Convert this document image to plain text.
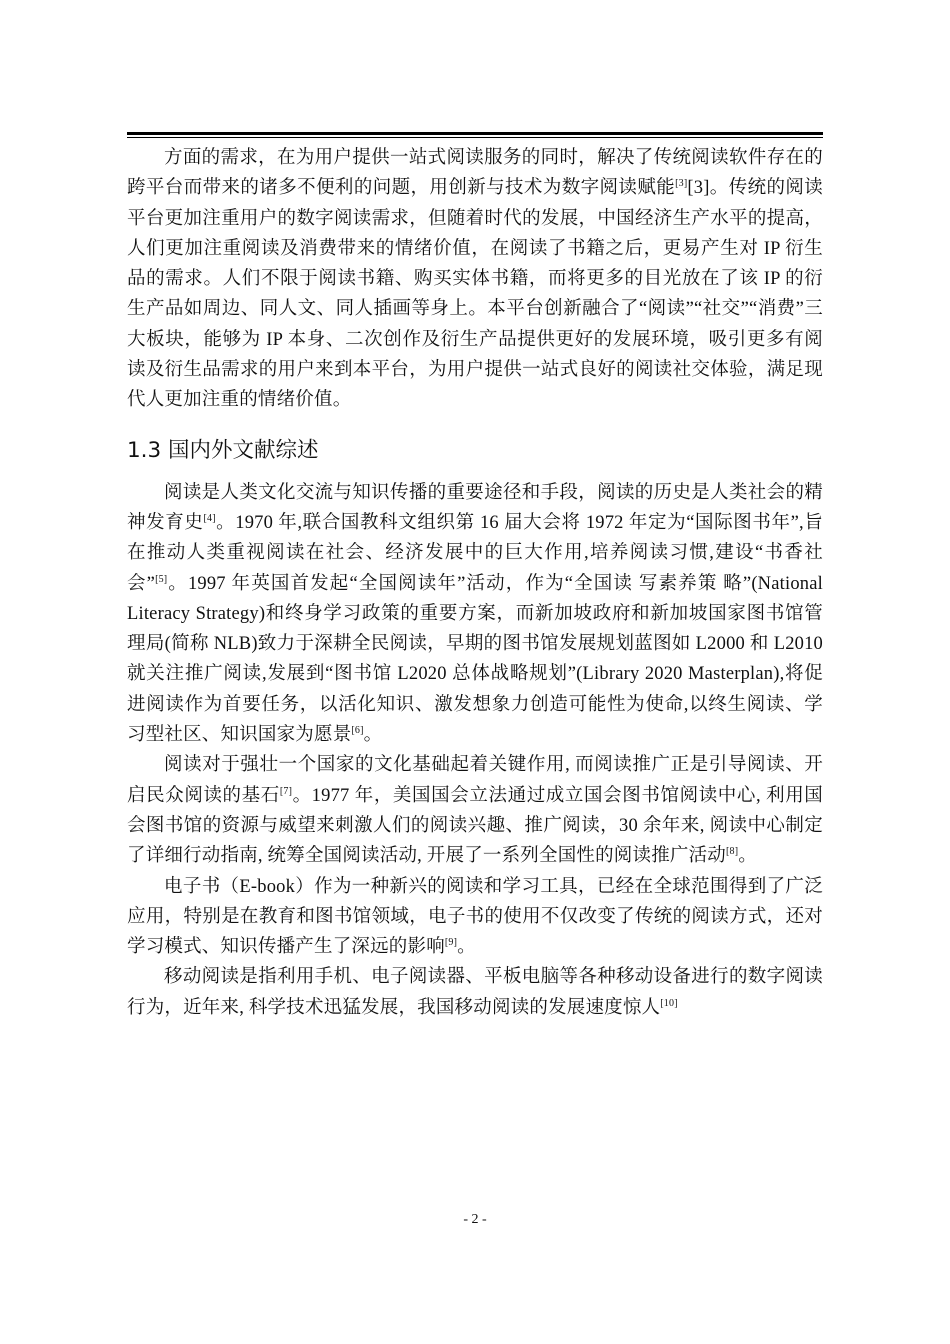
方面的需求，在为用户提供一站式阅读服务的同时，解决了传统阅读软件存在的跨平台而带来的诸多不便利的问题，用创新与技术为数字阅读赋能[3][3]。传统的阅读平台更加注重用户的数字阅读需求，但随着时代的发展，中国经济生产水平的提高，人们更加注重阅读及消费带来的情绪价值，在阅读了书籍之后，更易产生对 IP 衍生品的需求。人们不限于阅读书籍、购买实体书籍，而将更多的目光放在了该 IP 的衍生产品如周边、同人文、同人插画等身上。本平台创新融合了“阅读”“社交”“消费”三大板块，能够为 IP 本身、二次创作及衍生产品提供更好的发展环境，吸引更多有阅读及衍生品需求的用户来到本平台，为用户提供一站式良好的阅读社交体验，满足现代人更加注重的情绪价值。

1.3 国内外文献综述

阅读是人类文化交流与知识传播的重要途径和手段，阅读的历史是人类社会的精神发育史[4]。1970 年,联合国教科文组织第 16 届大会将 1972 年定为“国际图书年”,旨在推动人类重视阅读在社会、经济发展中的巨大作用,培养阅读习惯,建设“书香社会”[5]。1997 年英国首发起“全国阅读年”活动，作为“全国读 写素养策 略”(National Literacy Strategy)和终身学习政策的重要方案，而新加坡政府和新加坡国家图书馆管理局(简称 NLB)致力于深耕全民阅读，早期的图书馆发展规划蓝图如 L2000 和 L2010 就关注推广阅读,发展到“图书馆 L2020 总体战略规划”(Library 2020 Masterplan),将促进阅读作为首要任务，以活化知识、激发想象力创造可能性为使命,以终生阅读、学习型社区、知识国家为愿景[6]。

阅读对于强壮一个国家的文化基础起着关键作用, 而阅读推广正是引导阅读、开启民众阅读的基石[7]。1977 年，美国国会立法通过成立国会图书馆阅读中心, 利用国会图书馆的资源与威望来刺激人们的阅读兴趣、推广阅读，30 余年来, 阅读中心制定了详细行动指南, 统筹全国阅读活动, 开展了一系列全国性的阅读推广活动[8]。

电子书（E-book）作为一种新兴的阅读和学习工具，已经在全球范围得到了广泛应用，特别是在教育和图书馆领域，电子书的使用不仅改变了传统的阅读方式，还对学习模式、知识传播产生了深远的影响[9]。

移动阅读是指利用手机、电子阅读器、平板电脑等各种移动设备进行的数字阅读行为，近年来, 科学技术迅猛发展，我国移动阅读的发展速度惊人[10]

- 2 -
